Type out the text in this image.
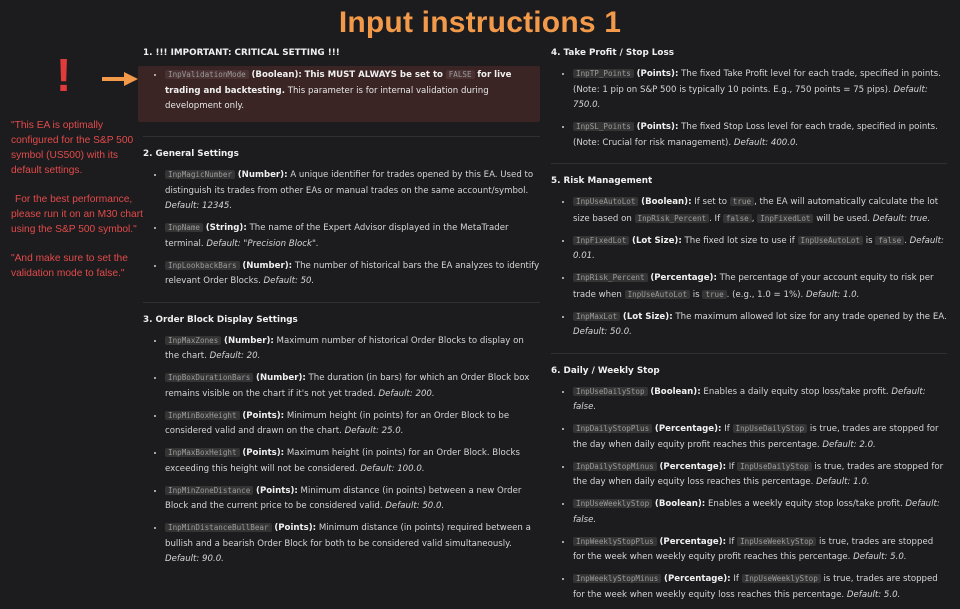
Input instructions 1
!

"This EA is optimally configured for the S&P 500 symbol (US500) with its default settings.

For the best performance, please run it on an M30 chart using the S&P 500 symbol."

"And make sure to set the validation mode to false."

1. !!! IMPORTANT: CRITICAL SETTING !!!
• InpValidationMode (Boolean): This MUST ALWAYS be set to FALSE for live trading and backtesting. This parameter is for internal validation during development only.
2. General Settings
• InpMagicNumber (Number): A unique identifier for trades opened by this EA. Used to distinguish its trades from other EAs or manual trades on the same account/symbol. Default: 12345.
• InpName (String): The name of the Expert Advisor displayed in the MetaTrader terminal. Default: "Precision Block".
• InpLookbackBars (Number): The number of historical bars the EA analyzes to identify relevant Order Blocks. Default: 50.
3. Order Block Display Settings
• InpMaxZones (Number): Maximum number of historical Order Blocks to display on the chart. Default: 20.
• InpBoxDurationBars (Number): The duration (in bars) for which an Order Block box remains visible on the chart if it's not yet traded. Default: 200.
• InpMinBoxHeight (Points): Minimum height (in points) for an Order Block to be considered valid and drawn on the chart. Default: 25.0.
• InpMaxBoxHeight (Points): Maximum height (in points) for an Order Block. Blocks exceeding this height will not be considered. Default: 100.0.
• InpMinZoneDistance (Points): Minimum distance (in points) between a new Order Block and the current price to be considered valid. Default: 50.0.
• InpMinDistanceBullBear (Points): Minimum distance (in points) required between a bullish and a bearish Order Block for both to be considered valid simultaneously. Default: 90.0.
4. Take Profit / Stop Loss
• InpTP_Points (Points): The fixed Take Profit level for each trade, specified in points. (Note: 1 pip on S&P 500 is typically 10 points. E.g., 750 points = 75 pips). Default: 750.0.
• InpSL_Points (Points): The fixed Stop Loss level for each trade, specified in points. (Note: Crucial for risk management). Default: 400.0.
5. Risk Management
• InpUseAutoLot (Boolean): If set to true , the EA will automatically calculate the lot size based on InpRisk_Percent . If false , InpFixedLot will be used. Default: true.
• InpFixedLot (Lot Size): The fixed lot size to use if InpUseAutoLot is false . Default: 0.01.
• InpRisk_Percent (Percentage): The percentage of your account equity to risk per trade when InpUseAutoLot is true . (e.g., 1.0 = 1%). Default: 1.0.
• InpMaxLot (Lot Size): The maximum allowed lot size for any trade opened by the EA. Default: 50.0.
6. Daily / Weekly Stop
• InpUseDailyStop (Boolean): Enables a daily equity stop loss/take profit. Default: false.
• InpDailyStopPlus (Percentage): If InpUseDailyStop is true, trades are stopped for the day when daily equity profit reaches this percentage. Default: 2.0.
• InpDailyStopMinus (Percentage): If InpUseDailyStop is true, trades are stopped for the day when daily equity loss reaches this percentage. Default: 1.0.
• InpUseWeeklyStop (Boolean): Enables a weekly equity stop loss/take profit. Default: false.
• InpWeeklyStopPlus (Percentage): If InpUseWeeklyStop is true, trades are stopped for the week when weekly equity profit reaches this percentage. Default: 5.0.
• InpWeeklyStopMinus (Percentage): If InpUseWeeklyStop is true, trades are stopped for the week when weekly equity loss reaches this percentage. Default: 5.0.
